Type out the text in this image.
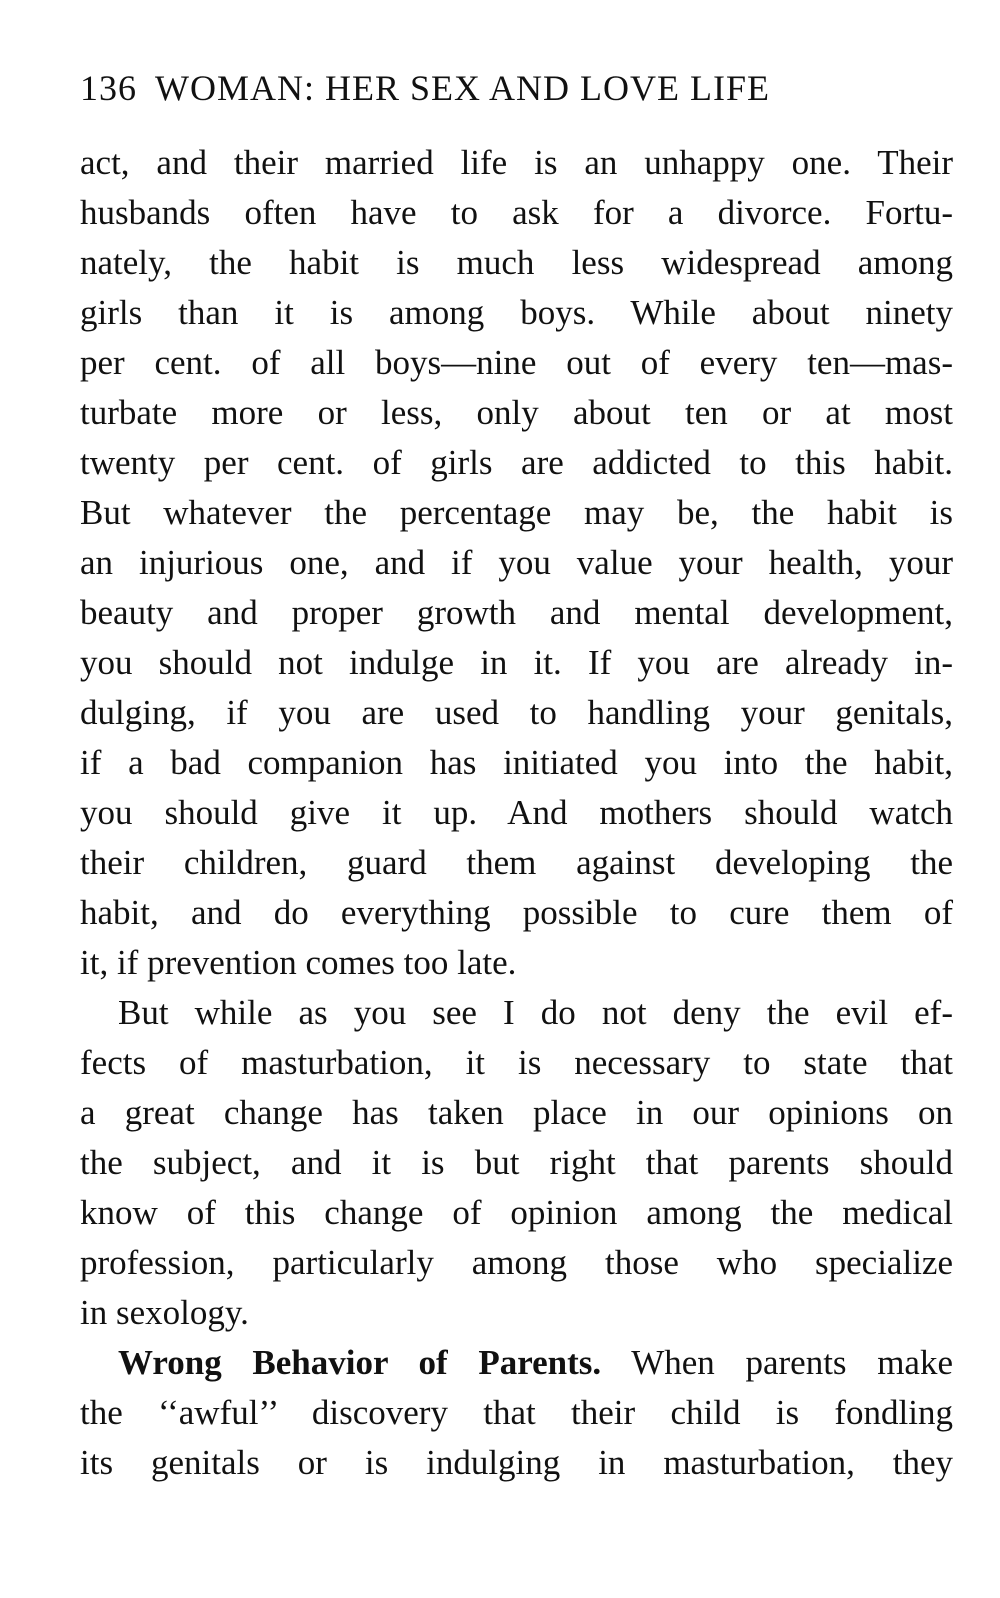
136 WOMAN: HER SEX AND LOVE LIFE
act, and their married life is an unhappy one. Their
husbands often have to ask for a divorce. Fortu-
nately, the habit is much less widespread among
girls than it is among boys. While about ninety
per cent. of all boys—nine out of every ten—mas-
turbate more or less, only about ten or at most
twenty per cent. of girls are addicted to this habit.
But whatever the percentage may be, the habit is
an injurious one, and if you value your health, your
beauty and proper growth and mental development,
you should not indulge in it. If you are already in-
dulging, if you are used to handling your genitals,
if a bad companion has initiated you into the habit,
you should give it up. And mothers should watch
their children, guard them against developing the
habit, and do everything possible to cure them of
it, if prevention comes too late.
But while as you see I do not deny the evil ef-
fects of masturbation, it is necessary to state that
a great change has taken place in our opinions on
the subject, and it is but right that parents should
know of this change of opinion among the medical
profession, particularly among those who specialize
in sexology.
Wrong Behavior of Parents. When parents make
the ‘‘awful’’ discovery that their child is fondling
its genitals or is indulging in masturbation, they
